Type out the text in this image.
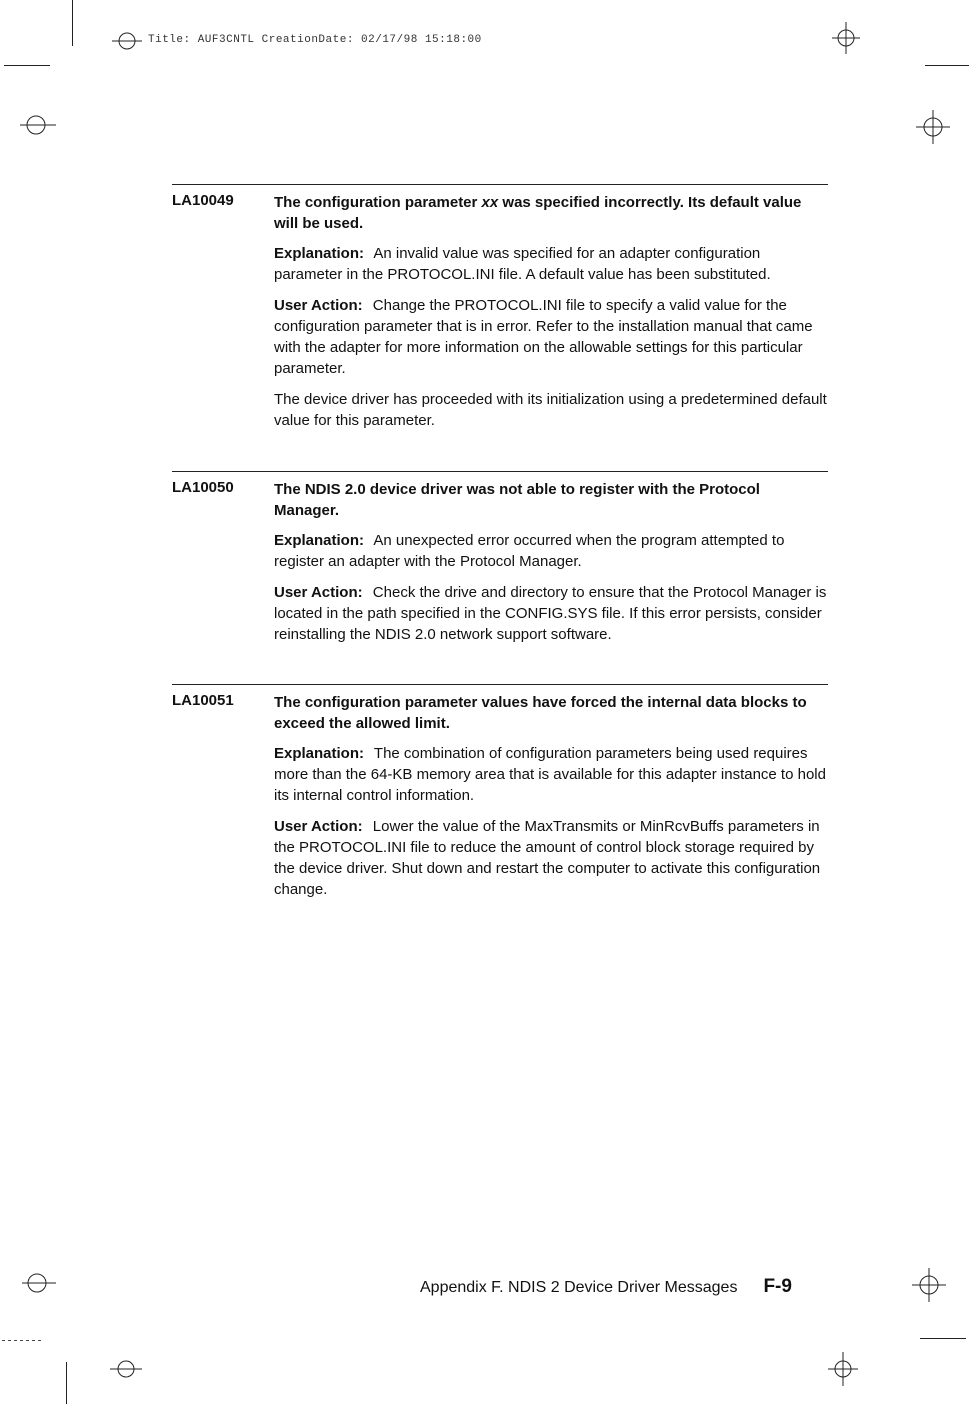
Title: AUF3CNTL CreationDate: 02/17/98 15:18:00
LA10049	The configuration parameter xx was specified incorrectly. Its default value will be used.

Explanation: An invalid value was specified for an adapter configuration parameter in the PROTOCOL.INI file. A default value has been substituted.

User Action: Change the PROTOCOL.INI file to specify a valid value for the configuration parameter that is in error. Refer to the installation manual that came with the adapter for more information on the allowable settings for this particular parameter.

The device driver has proceeded with its initialization using a predetermined default value for this parameter.

LA10050	The NDIS 2.0 device driver was not able to register with the Protocol Manager.

Explanation: An unexpected error occurred when the program attempted to register an adapter with the Protocol Manager.

User Action: Check the drive and directory to ensure that the Protocol Manager is located in the path specified in the CONFIG.SYS file. If this error persists, consider reinstalling the NDIS 2.0 network support software.

LA10051	The configuration parameter values have forced the internal data blocks to exceed the allowed limit.

Explanation: The combination of configuration parameters being used requires more than the 64-KB memory area that is available for this adapter instance to hold its internal control information.

User Action: Lower the value of the MaxTransmits or MinRcvBuffs parameters in the PROTOCOL.INI file to reduce the amount of control block storage required by the device driver. Shut down and restart the computer to activate this configuration change.

Appendix F. NDIS 2 Device Driver Messages F-9
